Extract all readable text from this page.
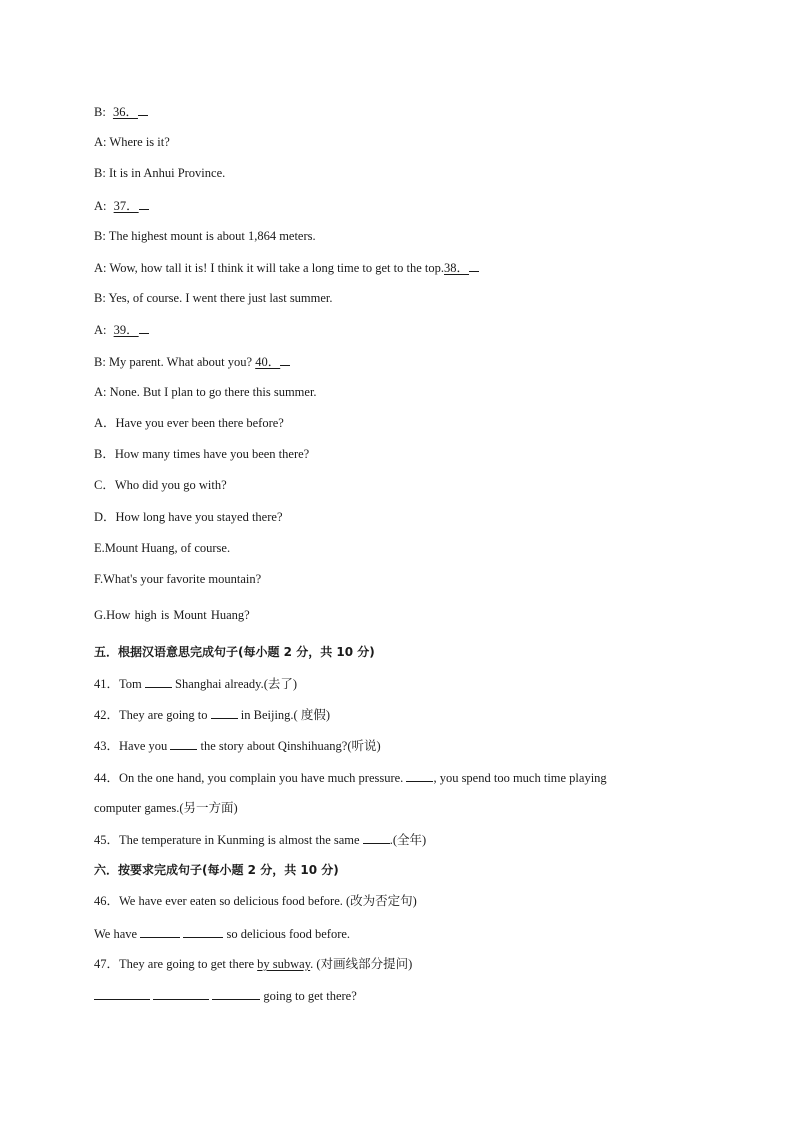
B: 36．
A: Where is it?
B: It is in Anhui Province.
A: 37．
B: The highest mount is about 1,864 meters.
A: Wow, how tall it is! I think it will take a long time to get to the top.38．
B: Yes, of course. I went there just last summer.
A: 39．
B: My parent. What about you? 40．
A: None. But I plan to go there this summer.
A．Have you ever been there before?
B．How many times have you been there?
C．Who did you go with?
D．How long have you stayed there?
E.Mount Huang, of course.
F.What's your favorite mountain?
G.How high is Mount Huang?
五．根据汉语意思完成句子(每小题 2 分，共 10 分)
41．Tom  Shanghai already.(去了)
42．They are going to  in Beijing.( 度假)
43．Have you  the story about Qinshihuang?(听说)
44．On the one hand, you complain you have much pressure. , you spend too much time playing
computer games.(另一方面)
45．The temperature in Kunming is almost the same .(全年)
六．按要求完成句子(每小题 2 分，共 10 分)
46．We have ever eaten so delicious food before. (改为否定句)
We have	so delicious food before.
47．They are going to get there by subway. (对画线部分提问)
going to get there?
